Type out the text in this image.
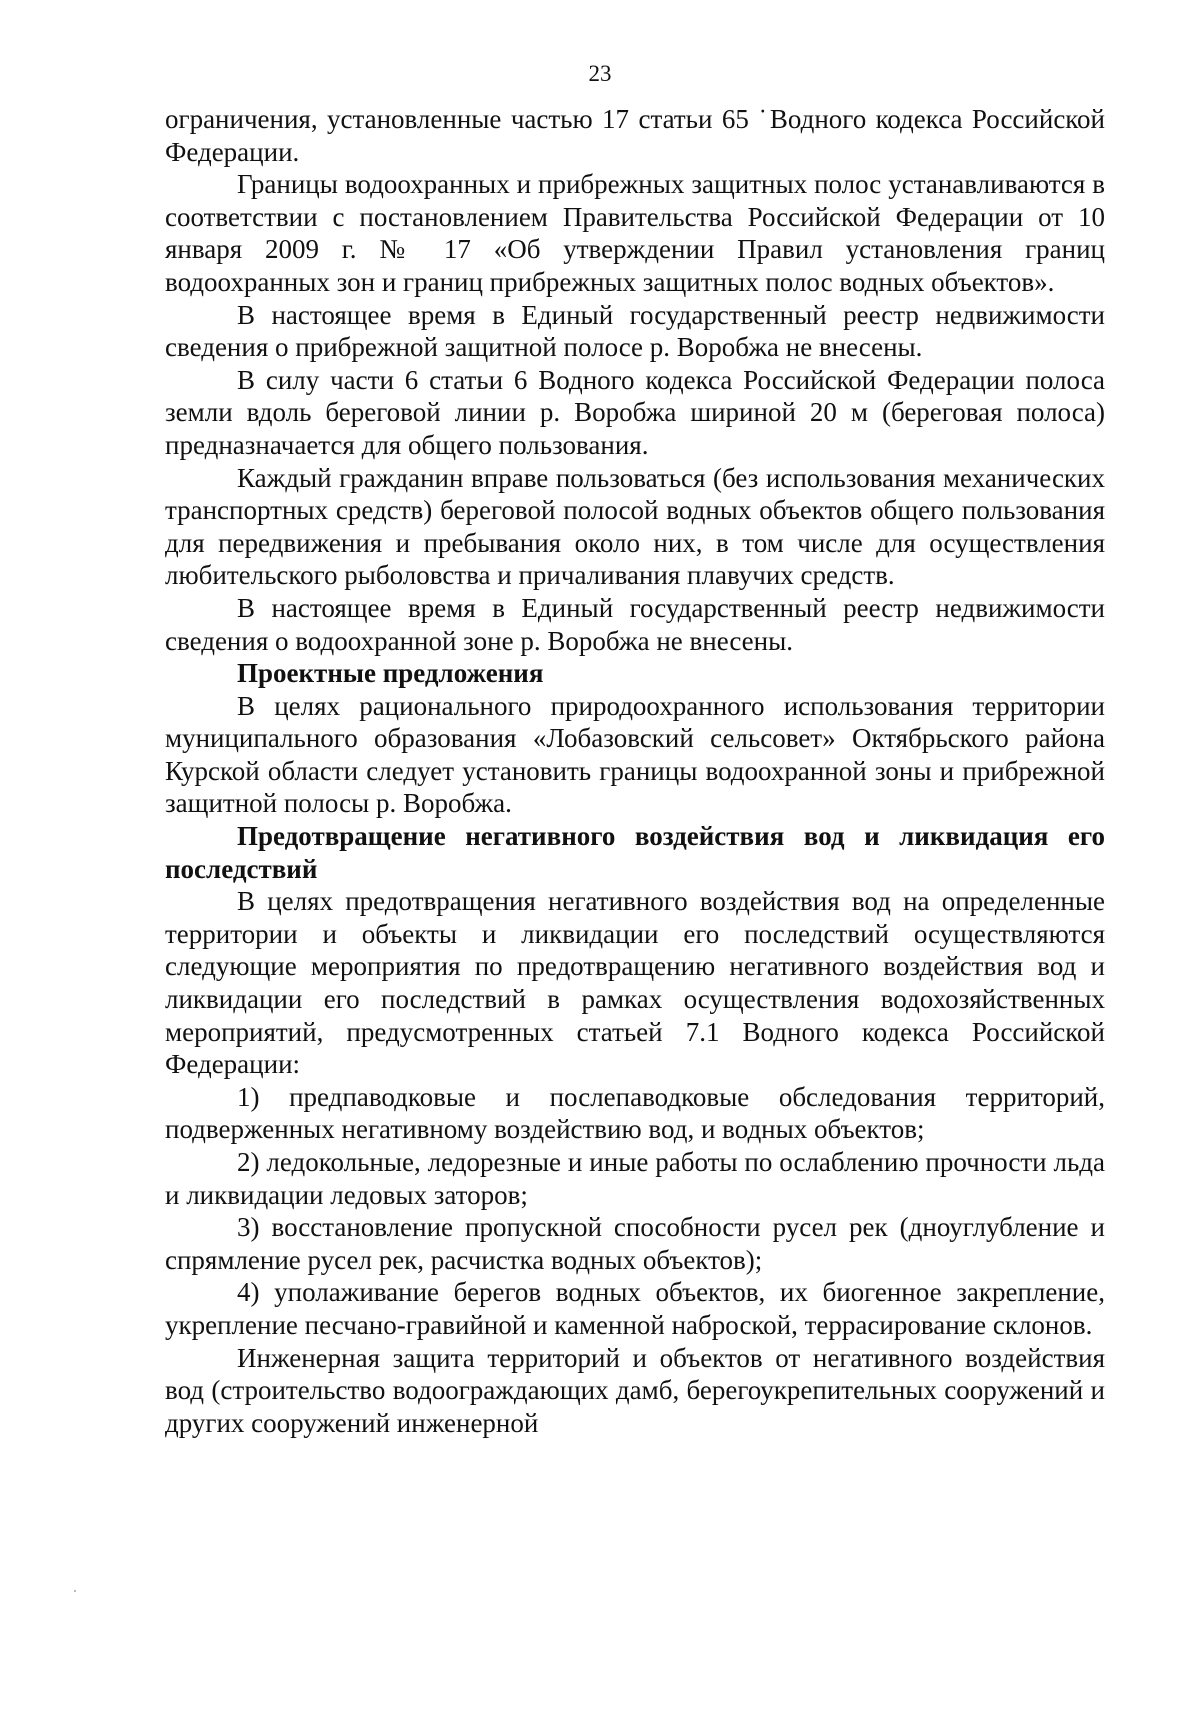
23

ограничения, установленные частью 17 статьи 65 ˙Водного кодекса Российской Федерации.

Границы водоохранных и прибрежных защитных полос устанавливаются в соответствии с постановлением Правительства Российской Федерации от 10 января 2009 г. № 17 «Об утверждении Правил установления границ водоохранных зон и границ прибрежных защитных полос водных объектов».

В настоящее время в Единый государственный реестр недвижимости сведения о прибрежной защитной полосе р. Воробжа не внесены.

В силу части 6 статьи 6 Водного кодекса Российской Федерации полоса земли вдоль береговой линии р. Воробжа шириной 20 м (береговая полоса) предназначается для общего пользования.

Каждый гражданин вправе пользоваться (без использования механических транспортных средств) береговой полосой водных объектов общего пользования для передвижения и пребывания около них, в том числе для осуществления любительского рыболовства и причаливания плавучих средств.

В настоящее время в Единый государственный реестр недвижимости сведения о водоохранной зоне р. Воробжа не внесены.

Проектные предложения

В целях рационального природоохранного использования территории муниципального образования «Лобазовский сельсовет» Октябрьского района Курской области следует установить границы водоохранной зоны и прибрежной защитной полосы р. Воробжа.

Предотвращение негативного воздействия вод и ликвидация его последствий

В целях предотвращения негативного воздействия вод на определенные территории и объекты и ликвидации его последствий осуществляются следующие мероприятия по предотвращению негативного воздействия вод и ликвидации его последствий в рамках осуществления водохозяйственных мероприятий, предусмотренных статьей 7.1 Водного кодекса Российской Федерации:

1) предпаводковые и послепаводковые обследования территорий, подверженных негативному воздействию вод, и водных объектов;

2) ледокольные, ледорезные и иные работы по ослаблению прочности льда и ликвидации ледовых заторов;

3) восстановление пропускной способности русел рек (дноуглубление и спрямление русел рек, расчистка водных объектов);

4) уполаживание берегов водных объектов, их биогенное закрепление, укрепление песчано-гравийной и каменной наброской, террасирование склонов.

Инженерная защита территорий и объектов от негативного воздействия вод (строительство водоограждающих дамб, берегоукрепительных сооружений и других сооружений инженерной
